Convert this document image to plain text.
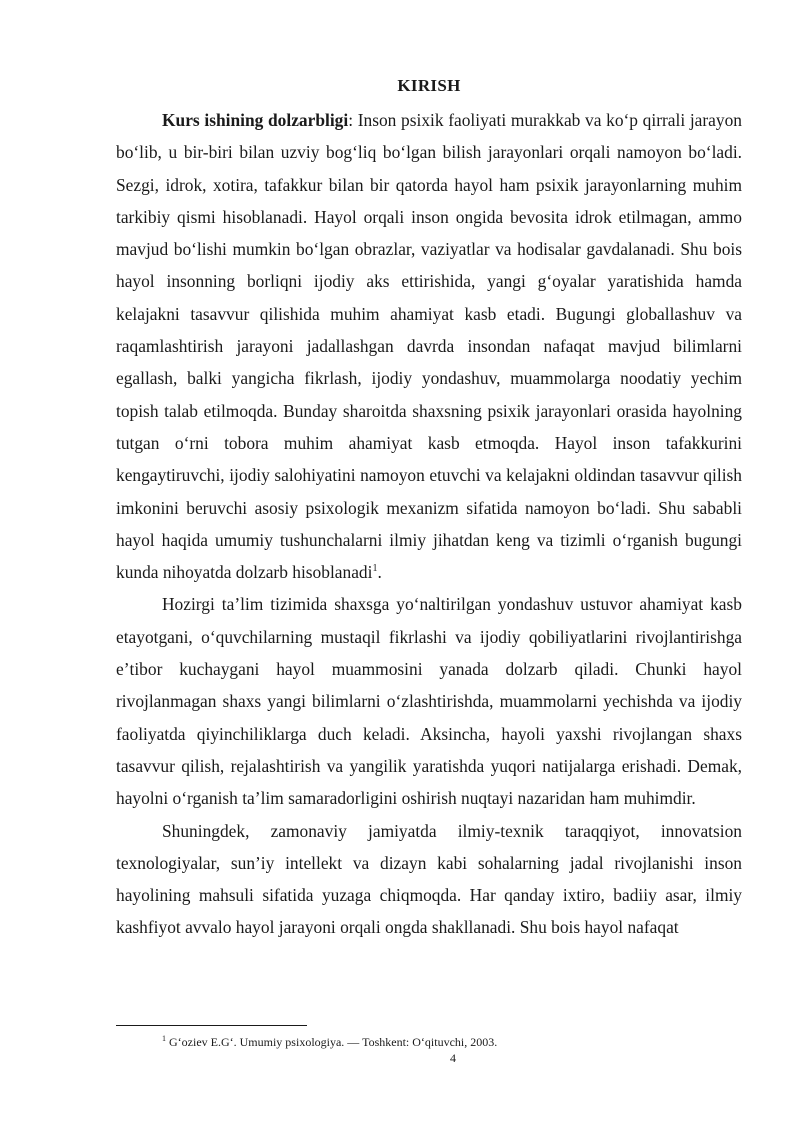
KIRISH

Kurs ishining dolzarbligi: Inson psixik faoliyati murakkab va koʻp qirrali jarayon boʻlib, u bir-biri bilan uzviy bogʻliq boʻlgan bilish jarayonlari orqali namoyon boʻladi. Sezgi, idrok, xotira, tafakkur bilan bir qatorda hayol ham psixik jarayonlarning muhim tarkibiy qismi hisoblanadi. Hayol orqali inson ongida bevosita idrok etilmagan, ammo mavjud boʻlishi mumkin boʻlgan obrazlar, vaziyatlar va hodisalar gavdalanadi. Shu bois hayol insonning borliqni ijodiy aks ettirishida, yangi gʻoyalar yaratishida hamda kelajakni tasavvur qilishida muhim ahamiyat kasb etadi. Bugungi globallashuv va raqamlashtirish jarayoni jadallashgan davrda insondan nafaqat mavjud bilimlarni egallash, balki yangicha fikrlash, ijodiy yondashuv, muammolarga noodatiy yechim topish talab etilmoqda. Bunday sharoitda shaxsning psixik jarayonlari orasida hayolning tutgan oʻrni tobora muhim ahamiyat kasb etmoqda. Hayol inson tafakkurini kengaytiruvchi, ijodiy salohiyatini namoyon etuvchi va kelajakni oldindan tasavvur qilish imkonini beruvchi asosiy psixologik mexanizm sifatida namoyon boʻladi. Shu sababli hayol haqida umumiy tushunchalarni ilmiy jihatdan keng va tizimli oʻrganish bugungi kunda nihoyatda dolzarb hisoblanadi$^1$.

Hozirgi taʼlim tizimida shaxsga yoʻnaltirilgan yondashuv ustuvor ahamiyat kasb etayotgani, oʻquvchilarning mustaqil fikrlashi va ijodiy qobiliyatlarini rivojlantirishga eʼtibor kuchaygani hayol muammosini yanada dolzarb qiladi. Chunki hayol rivojlanmagan shaxs yangi bilimlarni oʻzlashtirishda, muammolarni yechishda va ijodiy faoliyatda qiyinchiliklarga duch keladi. Aksincha, hayoli yaxshi rivojlangan shaxs tasavvur qilish, rejalashtirish va yangilik yaratishda yuqori natijalarga erishadi. Demak, hayolni oʻrganish taʼlim samaradorligini oshirish nuqtayi nazaridan ham muhimdir.

Shuningdek, zamonaviy jamiyatda ilmiy-texnik taraqqiyot, innovatsion texnologiyalar, sunʼiy intellekt va dizayn kabi sohalarning jadal rivojlanishi inson hayolining mahsuli sifatida yuzaga chiqmoqda. Har qanday ixtiro, badiiy asar, ilmiy kashfiyot avvalo hayol jarayoni orqali ongda shakllanadi. Shu bois hayol nafaqat

$^1$ Gʻoziev E.Gʻ. Umumiy psixologiya. — Toshkent: Oʻqituvchi, 2003.
4
